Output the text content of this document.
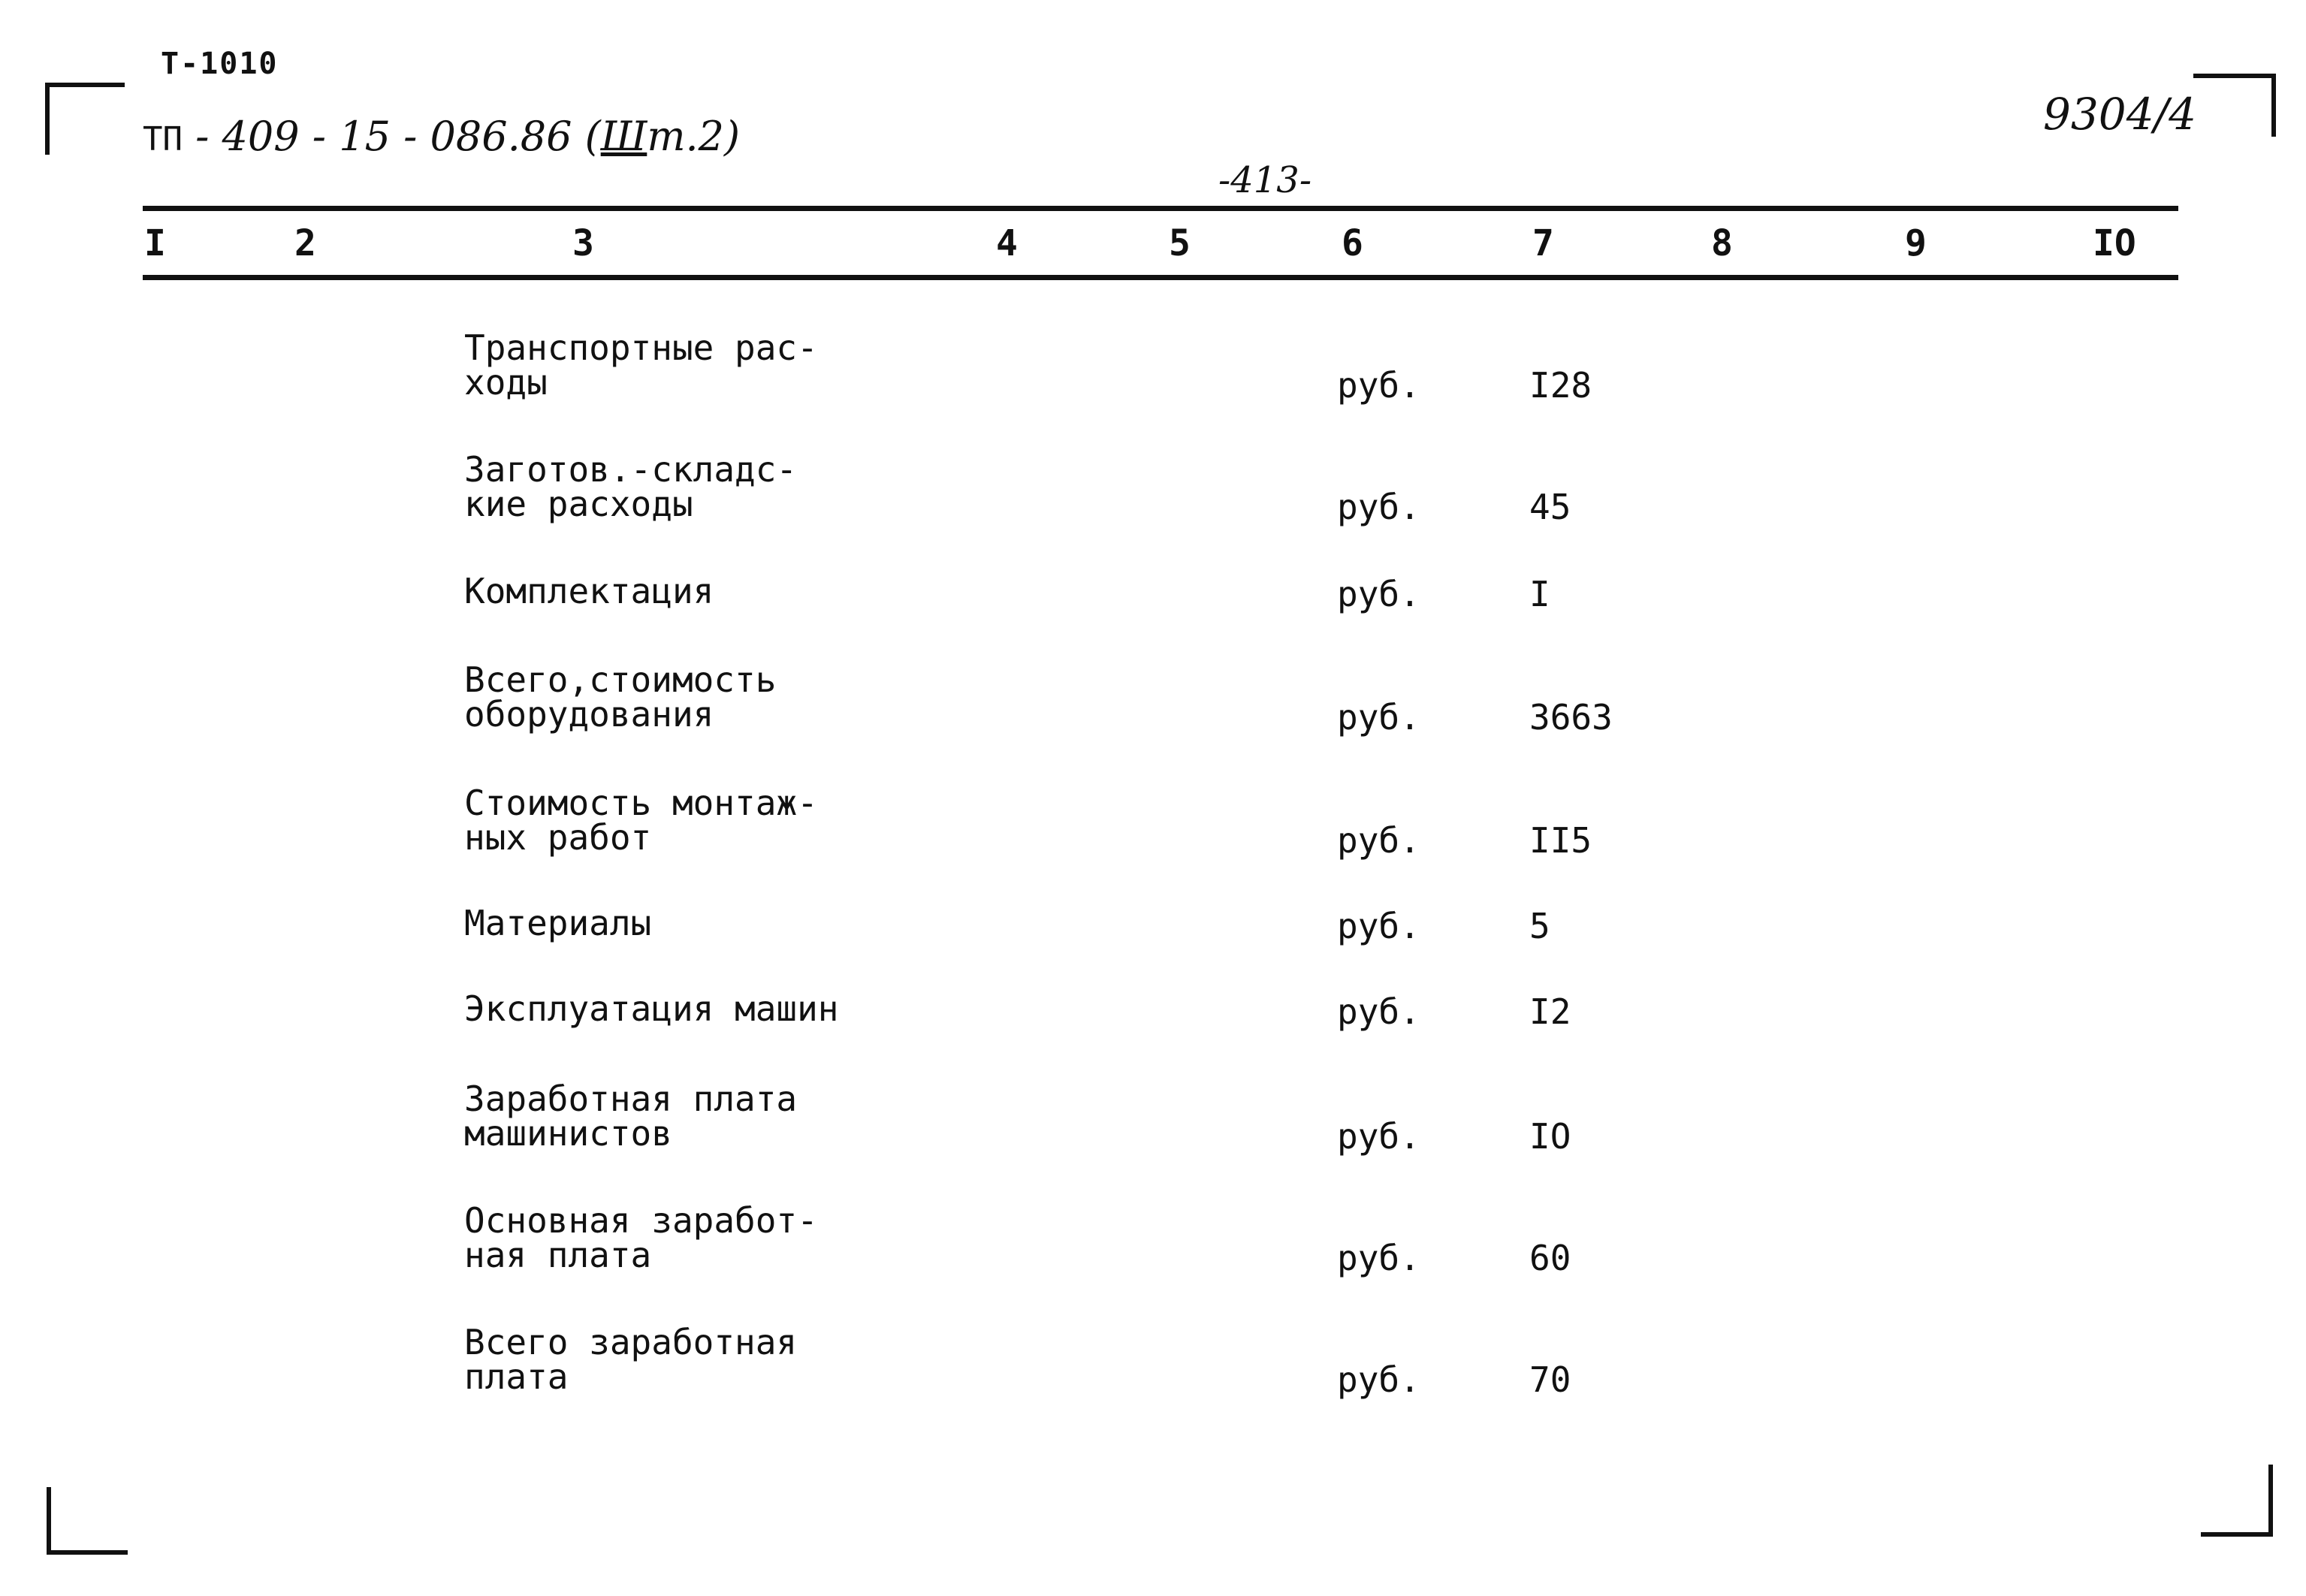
Т-1010
ТП - 409 - 15 - 086.86 (Шт.2)
-413-
9304/4
I	2	3	4	5	6	7	8	9	IO
Транспортные рас-
ходы	руб.	I28
Заготов.-складс-
кие расходы	руб.	45
Комплектация	руб.	I
Всего,стоимость
оборудования	руб.	3663
Стоимость монтаж-
ных работ	руб.	II5
Материалы	руб.	5
Эксплуатация машин	руб.	I2
Заработная плата
машинистов	руб.	IO
Основная заработ-
ная плата	руб.	60
Всего заработная
плата	руб.	70
